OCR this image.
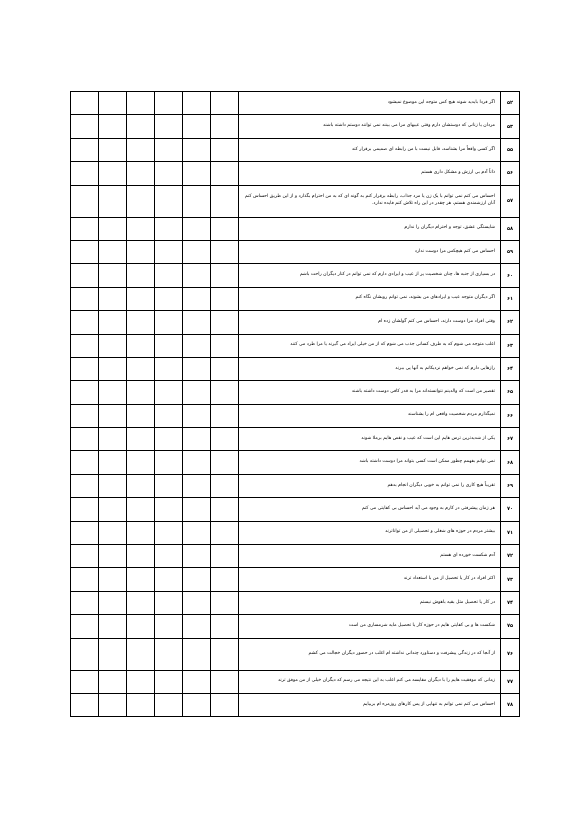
						اگر فردا بایدید شوند هیچ کس متوجه این موضوع نمیشود	۵۲
						مردان یا زنانی که دوستشان دارم وقتی عیبهای مرا می بینند نمی توانند دوستم داشته باشند	۵۳
						اگر کسی واقعاً مرا بشناسد، قابل نیست با من رابطه ای صمیمی برقرار کند	۵۵
						ذاتاً آدم بی ارزش و مشکل داری هستم	۵۶
						احساس می کنم نمی توانم با یک زن یا مرد جذاب، رابطه برقرار کنم به گونه ای که به من احترام بگذارد و از این طریق احساس کنم آنان ارزشمندی هستم، هر چقدر در این راه تلاش کنم فایده ندارد.	۵۷
						شایستگی عشق، توجه و احترام دیگران را ندارم	۵۸
						احساس می کنم هیچکس مرا دوست ندارد	۵۹
						در بسیاری از جنبه ها، چنان شخصیت پر از عیب و ایرادی دارم که نمی توانم در کنار دیگران راحت باشم	۶۰
						اگر دیگران متوجه عیب و ایرادهای من بشوند، نمی توانم روبشان نگاه کنم	۶۱
						وقتی افراد مرا دوست دارند، احساس می کنم گولشان زده ام	۶۲
						اغلب متوجه می شوم که به طرف کسانی جذب می شوم که از من خیلی ایراد می گیرند یا مرا طرد می کنند	۶۳
						رازهایی دارم که نمی خواهم نزدیکانم به آنها پی ببرند	۶۴
						تقصیر من است که والدینم نتوانسته‌اند مرا به قدر کافی دوست داشته باشند	۶۵
						نمیگذارم مردم شخصیت واقعی ام را بشناسند	۶۶
						یکی از شدیدترین ترس هایم این است که عیب و نقص هایم برملا شوند	۶۷
						نمی توانم بفهمم چطور ممکن است کسی بتواند مرا دوست داشته باشد	۶۸
						تقریباً هیچ کاری را نمی توانم به خوبی دیگران انجام بدهم	۶۹
						هر زمان پیشرفتی در کارم به وجود می آید احساس بی کفایتی می کنم	۷۰
						بیشتر مردم در حوزه های شغلی و تحصیلی از من تواناترند	۷۱
						آدم شکست خورده ای هستم	۷۲
						اکثر افراد در کار یا تحصیل از من با استعداد ترند	۷۳
						در کار یا تحصیل مثل بقیه باهوش نیستم	۷۴
						شکست ها و بی کفایتی هایم در حوزه کار یا تحصیل مایه شرمساری من است	۷۵
						از آنجا که در زندگی پیشرفت و دستاورد چندانی نداشته ام اغلب در حضور دیگران خجالت می کشم	۷۶
						زمانی که موفقیت هایم را با دیگران مقایسه می کنم اغلب به این نتیجه می رسم که دیگران خیلی از من موفق ترند	۷۷
						احساس می کنم نمی توانم به تنهایی از پس کارهای روزمره ام بربیایم	۷۸
